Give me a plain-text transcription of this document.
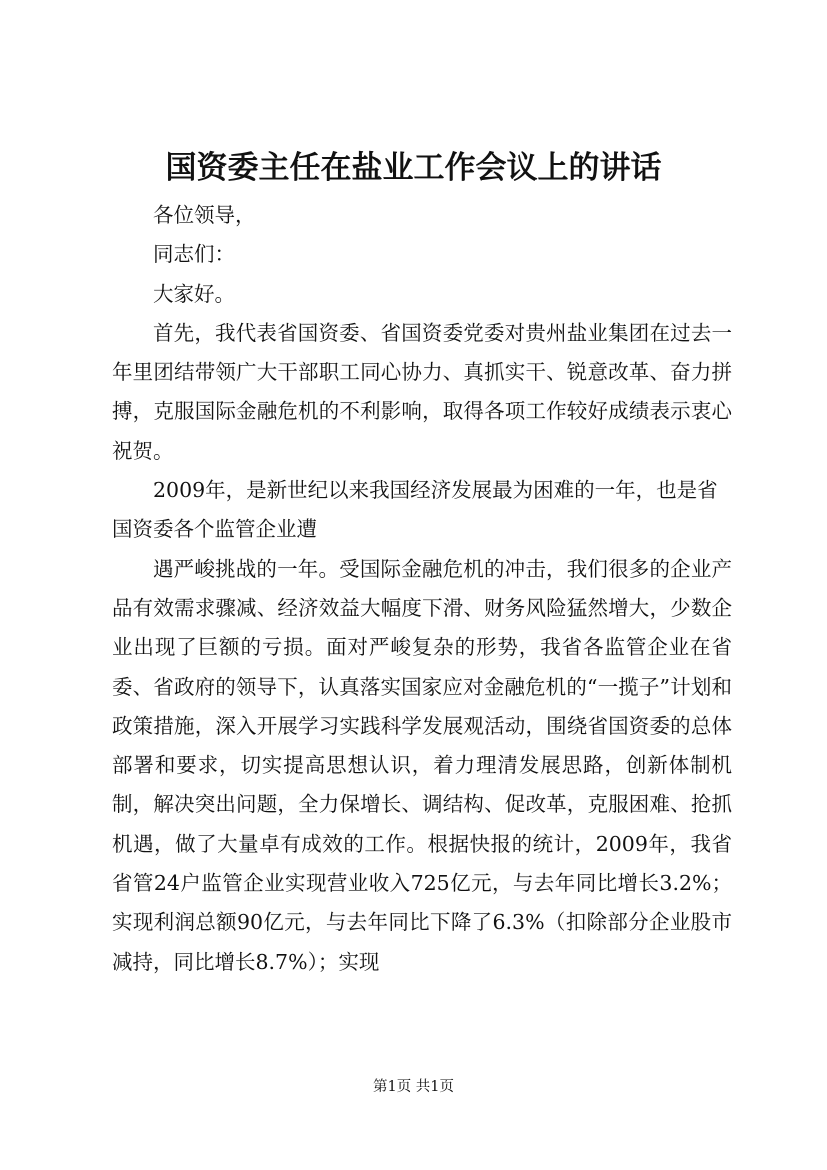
国资委主任在盐业工作会议上的讲话

各位领导，

同志们：

大家好。

首先，我代表省国资委、省国资委党委对贵州盐业集团在过去一年里团结带领广大干部职工同心协力、真抓实干、锐意改革、奋力拼搏，克服国际金融危机的不利影响，取得各项工作较好成绩表示衷心祝贺。

2009年，是新世纪以来我国经济发展最为困难的一年，也是省国资委各个监管企业遭

遇严峻挑战的一年。受国际金融危机的冲击，我们很多的企业产品有效需求骤减、经济效益大幅度下滑、财务风险猛然增大，少数企业出现了巨额的亏损。面对严峻复杂的形势，我省各监管企业在省委、省政府的领导下，认真落实国家应对金融危机的“一揽子”计划和政策措施，深入开展学习实践科学发展观活动，围绕省国资委的总体部署和要求，切实提高思想认识，着力理清发展思路，创新体制机制，解决突出问题，全力保增长、调结构、促改革，克服困难、抢抓机遇，做了大量卓有成效的工作。根据快报的统计，2009年，我省省管24户监管企业实现营业收入725亿元，与去年同比增长3.2%；实现利润总额90亿元，与去年同比下降了6.3%（扣除部分企业股市减持，同比增长8.7%）；实现

第1页 共1页
